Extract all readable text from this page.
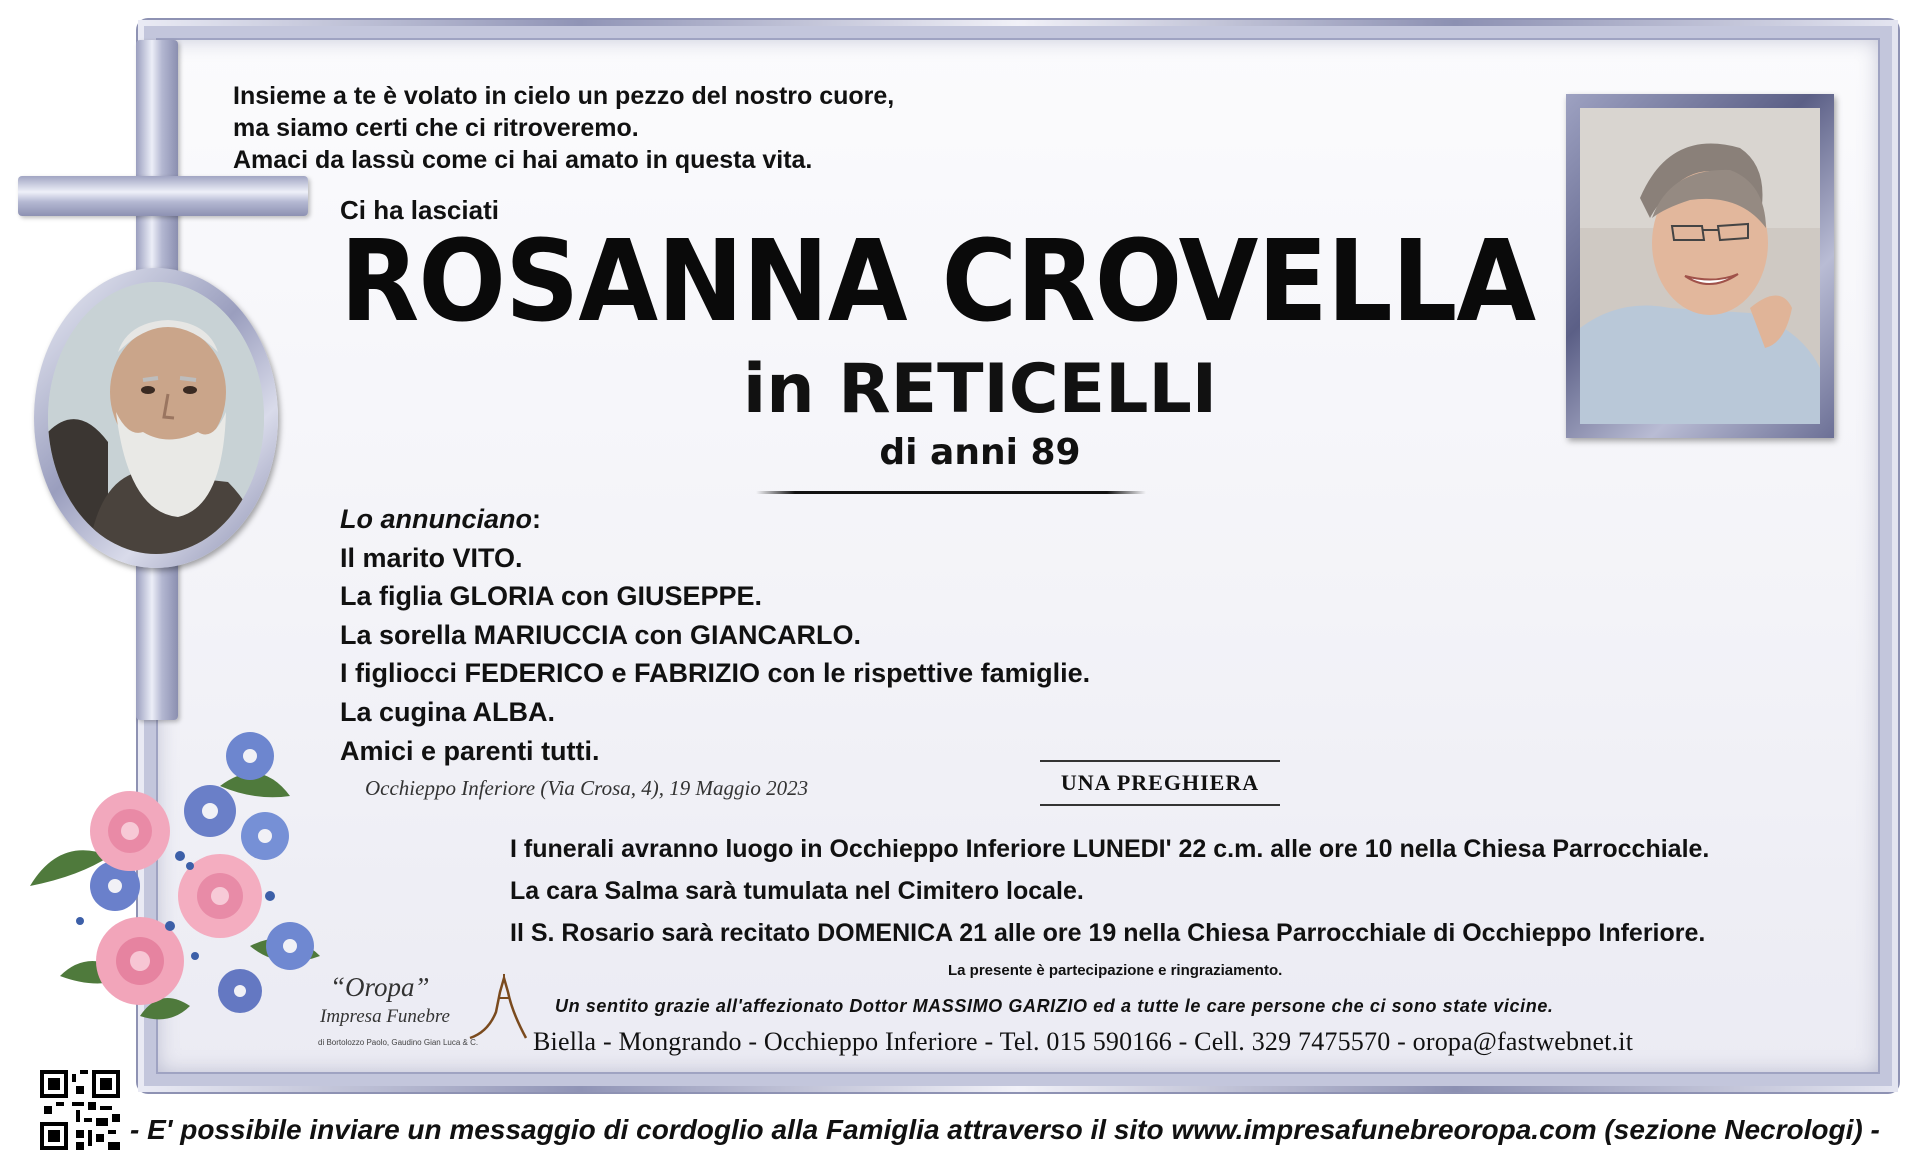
Insieme a te è volato in cielo un pezzo del nostro cuore,
ma siamo certi che ci ritroveremo.
Amaci da lassù come ci hai amato in questa vita.
Ci ha lasciati
ROSANNA CROVELLA
in RETICELLI
di anni 89
Lo annunciano:
Il marito VITO.
La figlia GLORIA con GIUSEPPE.
La sorella MARIUCCIA con GIANCARLO.
I figliocci FEDERICO e FABRIZIO con le rispettive famiglie.
La cugina ALBA.
Amici e parenti tutti.
Occhieppo Inferiore (Via Crosa, 4), 19 Maggio 2023	UNA PREGHIERA
I funerali avranno luogo in Occhieppo Inferiore LUNEDI' 22 c.m. alle ore 10 nella Chiesa Parrocchiale.
La cara Salma sarà tumulata nel Cimitero locale.
Il S. Rosario sarà recitato DOMENICA 21 alle ore 19 nella Chiesa Parrocchiale di Occhieppo Inferiore.
La presente è partecipazione e ringraziamento.
Un sentito grazie all'affezionato Dottor MASSIMO GARIZIO ed a tutte le care persone che ci sono state vicine.
Biella - Mongrando - Occhieppo Inferiore - Tel. 015 590166 - Cell. 329 7475570 - oropa@fastwebnet.it
“Oropa”
Impresa Funebre
di Bortolozzo Paolo, Gaudino Gian Luca & C.
- E' possibile inviare un messaggio di cordoglio alla Famiglia attraverso il sito www.impresafunebreoropa.com (sezione Necrologi) -
